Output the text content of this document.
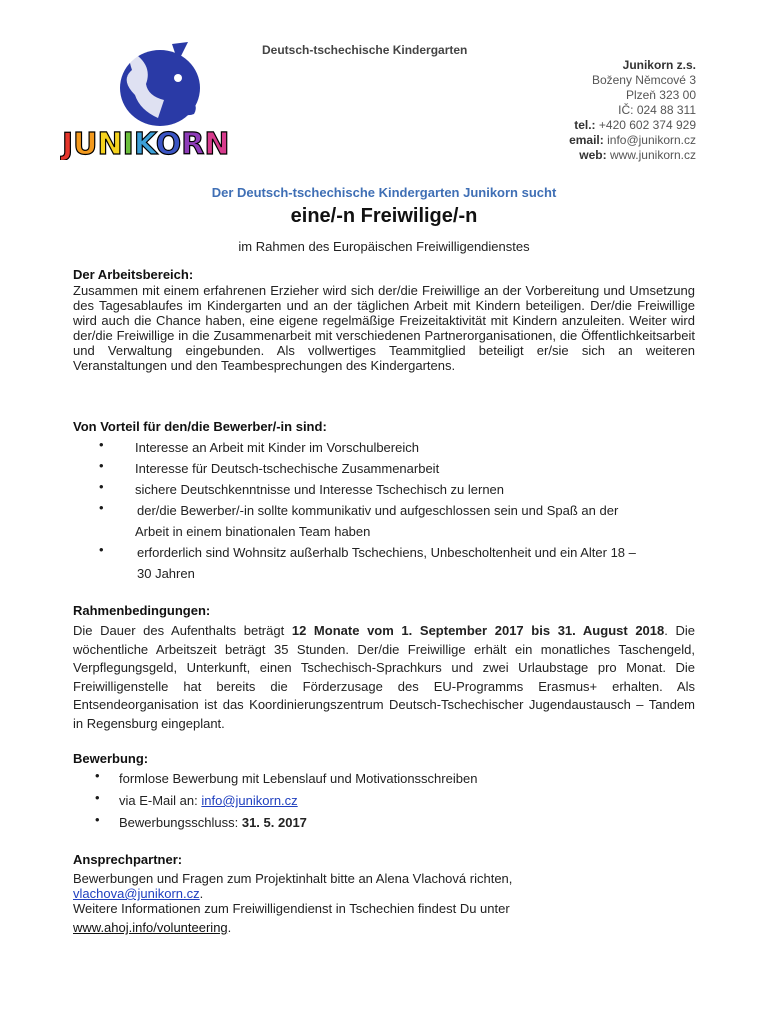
JUNIKORN
Deutsch-tschechische Kindergarten
Junikorn z.s.
Boženy Němcové 3
Plzeň 323 00
IČ: 024 88 311
tel.: +420 602 374 929
email: info@junikorn.cz
web: www.junikorn.cz
Der Deutsch-tschechische Kindergarten Junikorn sucht
eine/-n Freiwilige/-n
im Rahmen des Europäischen Freiwilligendienstes
Der Arbeitsbereich:
Zusammen mit einem erfahrenen Erzieher wird sich der/die Freiwillige an der Vorbereitung und Umsetzung des Tagesablaufes im Kindergarten und an der täglichen Arbeit mit Kindern beteiligen. Der/die Freiwillige wird auch die Chance haben, eine eigene regelmäßige Freizeitaktivität mit Kindern anzuleiten. Weiter wird der/die Freiwillige in die Zusammenarbeit mit verschiedenen Partnerorganisationen, die Öffentlichkeitsarbeit und Verwaltung eingebunden. Als vollwertiges Teammitglied beteiligt er/sie sich an weiteren Veranstaltungen und den Teambesprechungen des Kindergartens.
Von Vorteil für den/die Bewerber/-in sind:
• Interesse an Arbeit mit Kinder im Vorschulbereich
• Interesse für Deutsch-tschechische Zusammenarbeit
• sichere Deutschkenntnisse und Interesse Tschechisch zu lernen
•	der/die Bewerber/-in sollte kommunikativ und aufgeschlossen sein und Spaß an der
Arbeit in einem binationalen Team haben
•	erforderlich sind Wohnsitz außerhalb Tschechiens, Unbescholtenheit und ein Alter 18 –
30 Jahren
Rahmenbedingungen:
Die Dauer des Aufenthalts beträgt 12 Monate vom 1. September 2017 bis 31. August 2018. Die wöchentliche Arbeitszeit beträgt 35 Stunden. Der/die Freiwillige erhält ein monatliches Taschengeld, Verpflegungsgeld, Unterkunft, einen Tschechisch-Sprachkurs und zwei Urlaubstage pro Monat. Die Freiwilligenstelle hat bereits die Förderzusage des EU-Programms Erasmus+ erhalten. Als Entsendeorganisation ist das Koordinierungszentrum Deutsch-Tschechischer Jugendaustausch – Tandem in Regensburg eingeplant.
Bewerbung:
• formlose Bewerbung mit Lebenslauf und Motivationsschreiben
• via E-Mail an: info@junikorn.cz
• Bewerbungsschluss: 31. 5. 2017
Ansprechpartner:
Bewerbungen und Fragen zum Projektinhalt bitte an Alena Vlachová richten,
vlachova@junikorn.cz.
Weitere Informationen zum Freiwilligendienst in Tschechien findest Du unter
www.ahoj.info/volunteering.
